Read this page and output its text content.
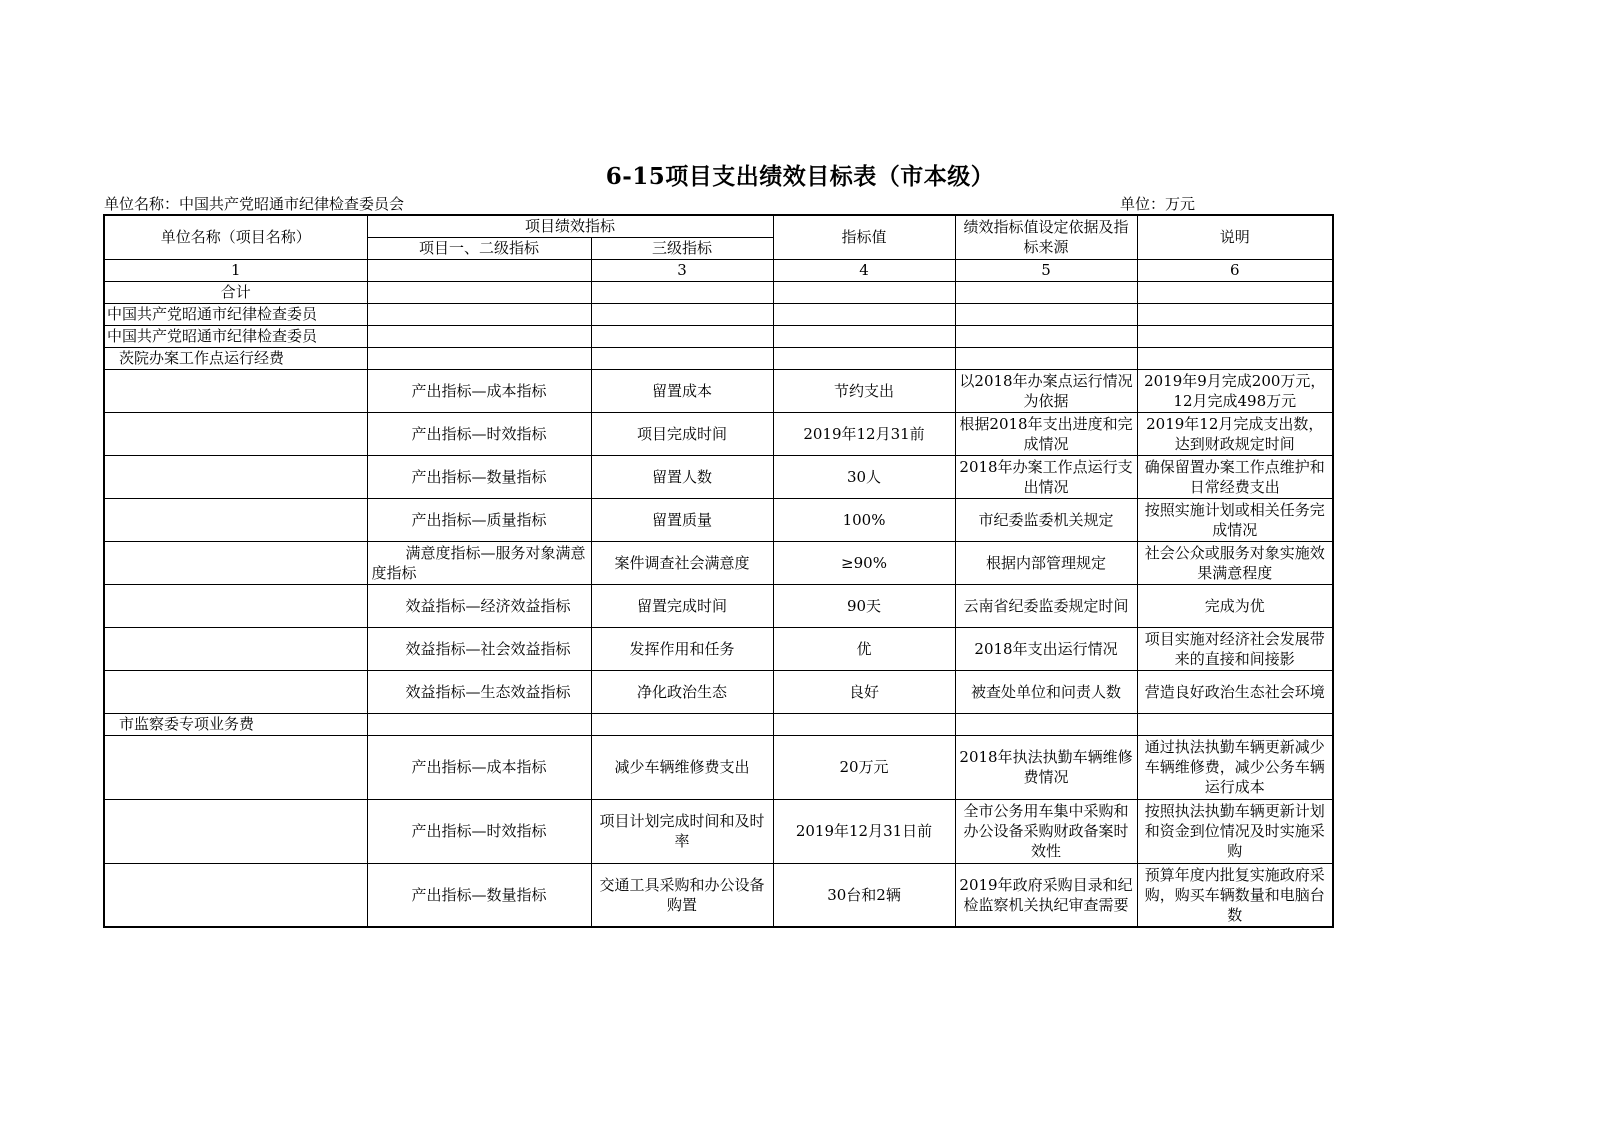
6-15项目支出绩效目标表（市本级）
单位名称：中国共产党昭通市纪律检查委员会	单位：万元
单位名称（项目名称）	项目绩效指标		指标值	绩效指标值设定依据及指标来源	说明
	项目一、二级指标	三级指标			
1		3	4	5	6
合计					
中国共产党昭通市纪律检查委员					
中国共产党昭通市纪律检查委员					
茨院办案工作点运行经费					
	产出指标—成本指标	留置成本	节约支出	以2018年办案点运行情况为依据	2019年9月完成200万元，12月完成498万元
	产出指标—时效指标	项目完成时间	2019年12月31前	根据2018年支出进度和完成情况	2019年12月完成支出数，达到财政规定时间
	产出指标—数量指标	留置人数	30人	2018年办案工作点运行支出情况	确保留置办案工作点维护和日常经费支出
	产出指标—质量指标	留置质量	100%	市纪委监委机关规定	按照实施计划或相关任务完成情况
	满意度指标—服务对象满意度指标	案件调查社会满意度	≥90%	根据内部管理规定	社会公众或服务对象实施效果满意程度
	效益指标—经济效益指标	留置完成时间	90天	云南省纪委监委规定时间	完成为优
	效益指标—社会效益指标	发挥作用和任务	优	2018年支出运行情况	项目实施对经济社会发展带来的直接和间接影
	效益指标—生态效益指标	净化政治生态	良好	被查处单位和问责人数	营造良好政治生态社会环境
市监察委专项业务费					
	产出指标—成本指标	减少车辆维修费支出	20万元	2018年执法执勤车辆维修费情况	通过执法执勤车辆更新减少车辆维修费，减少公务车辆运行成本
	产出指标—时效指标	项目计划完成时间和及时率	2019年12月31日前	全市公务用车集中采购和办公设备采购财政备案时效性	按照执法执勤车辆更新计划和资金到位情况及时实施采购
	产出指标—数量指标	交通工具采购和办公设备购置	30台和2辆	2019年政府采购目录和纪检监察机关执纪审查需要	预算年度内批复实施政府采购，购买车辆数量和电脑台数
